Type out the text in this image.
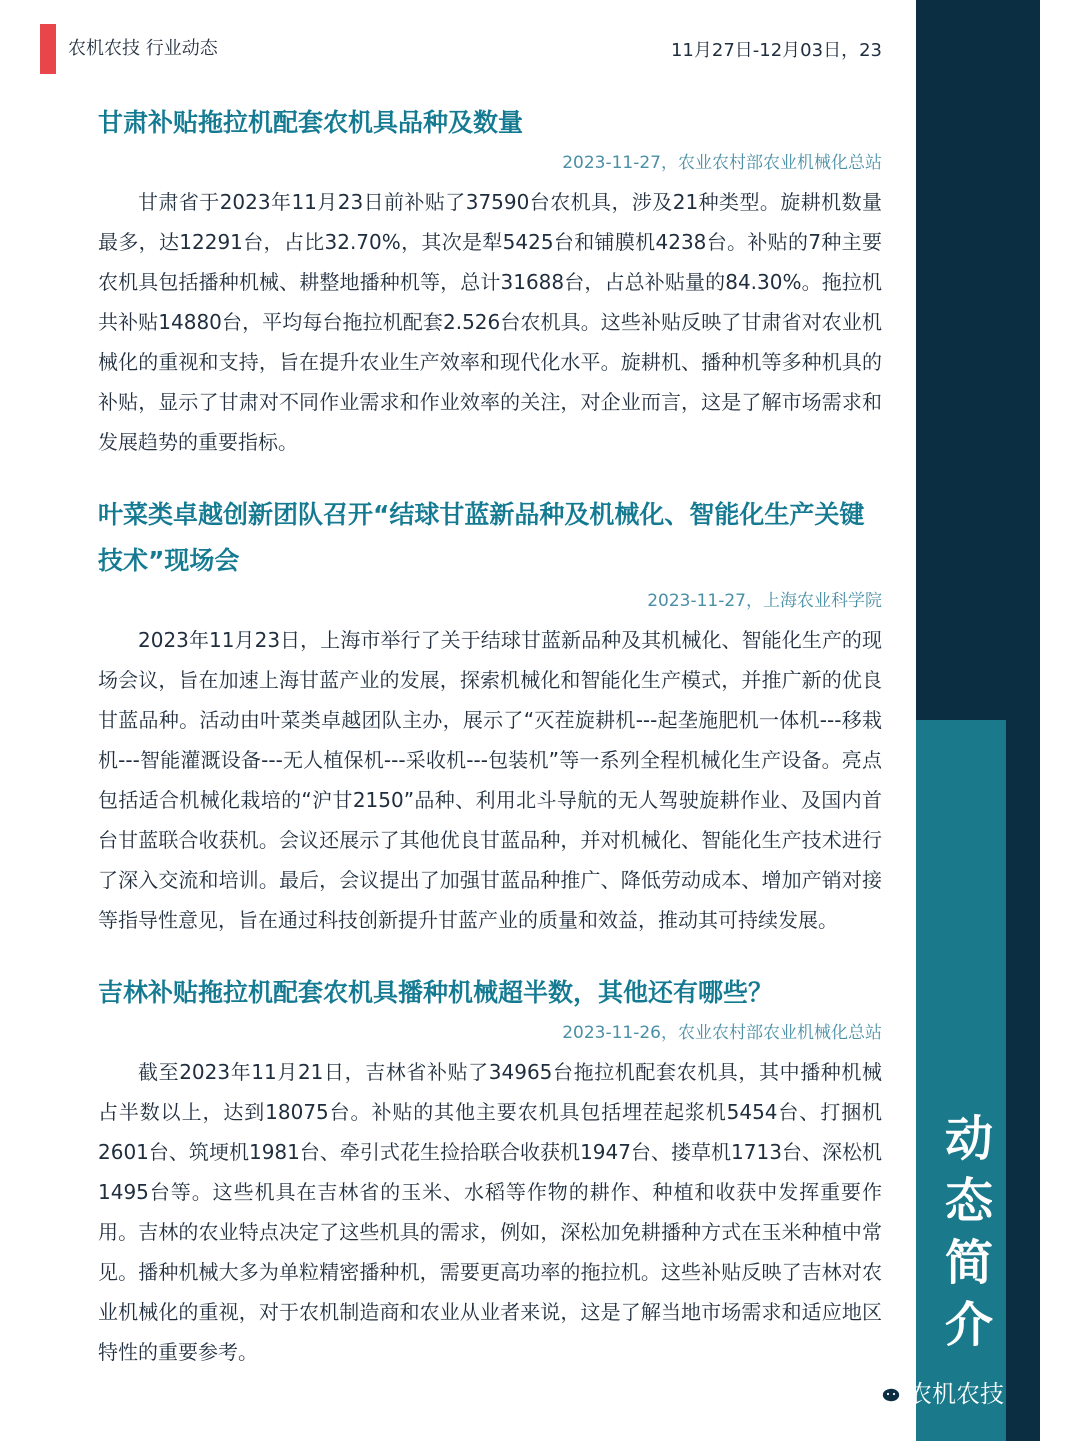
农机农技 行业动态	11月27日-12月03日，23
甘肃补贴拖拉机配套农机具品种及数量
2023-11-27，农业农村部农业机械化总站

甘肃省于2023年11月23日前补贴了37590台农机具，涉及21种类型。旋耕机数量最多，达12291台，占比32.70%，其次是犁5425台和铺膜机4238台。补贴的7种主要农机具包括播种机械、耕整地播种机等，总计31688台，占总补贴量的84.30%。拖拉机共补贴14880台，平均每台拖拉机配套2.526台农机具。这些补贴反映了甘肃省对农业机械化的重视和支持，旨在提升农业生产效率和现代化水平。旋耕机、播种机等多种机具的补贴，显示了甘肃对不同作业需求和作业效率的关注，对企业而言，这是了解市场需求和发展趋势的重要指标。

叶菜类卓越创新团队召开“结球甘蓝新品种及机械化、智能化生产关键技术”现场会
2023-11-27，上海农业科学院

2023年11月23日，上海市举行了关于结球甘蓝新品种及其机械化、智能化生产的现场会议，旨在加速上海甘蓝产业的发展，探索机械化和智能化生产模式，并推广新的优良甘蓝品种。活动由叶菜类卓越团队主办，展示了“灭茬旋耕机---起垄施肥机一体机---移栽机---智能灌溉设备---无人植保机---采收机---包装机”等一系列全程机械化生产设备。亮点包括适合机械化栽培的“沪甘2150”品种、利用北斗导航的无人驾驶旋耕作业、及国内首台甘蓝联合收获机。会议还展示了其他优良甘蓝品种，并对机械化、智能化生产技术进行了深入交流和培训。最后，会议提出了加强甘蓝品种推广、降低劳动成本、增加产销对接等指导性意见，旨在通过科技创新提升甘蓝产业的质量和效益，推动其可持续发展。

吉林补贴拖拉机配套农机具播种机械超半数，其他还有哪些？
2023-11-26，农业农村部农业机械化总站

截至2023年11月21日，吉林省补贴了34965台拖拉机配套农机具，其中播种机械占半数以上，达到18075台。补贴的其他主要农机具包括埋茬起浆机5454台、打捆机2601台、筑埂机1981台、牵引式花生捡拾联合收获机1947台、搂草机1713台、深松机1495台等。这些机具在吉林省的玉米、水稻等作物的耕作、种植和收获中发挥重要作用。吉林的农业特点决定了这些机具的需求，例如，深松加免耕播种方式在玉米种植中常见。播种机械大多为单粒精密播种机，需要更高功率的拖拉机。这些补贴反映了吉林对农业机械化的重视，对于农机制造商和农业从业者来说，这是了解当地市场需求和适应地区特性的重要参考。

动
态
简
介
农机农技
